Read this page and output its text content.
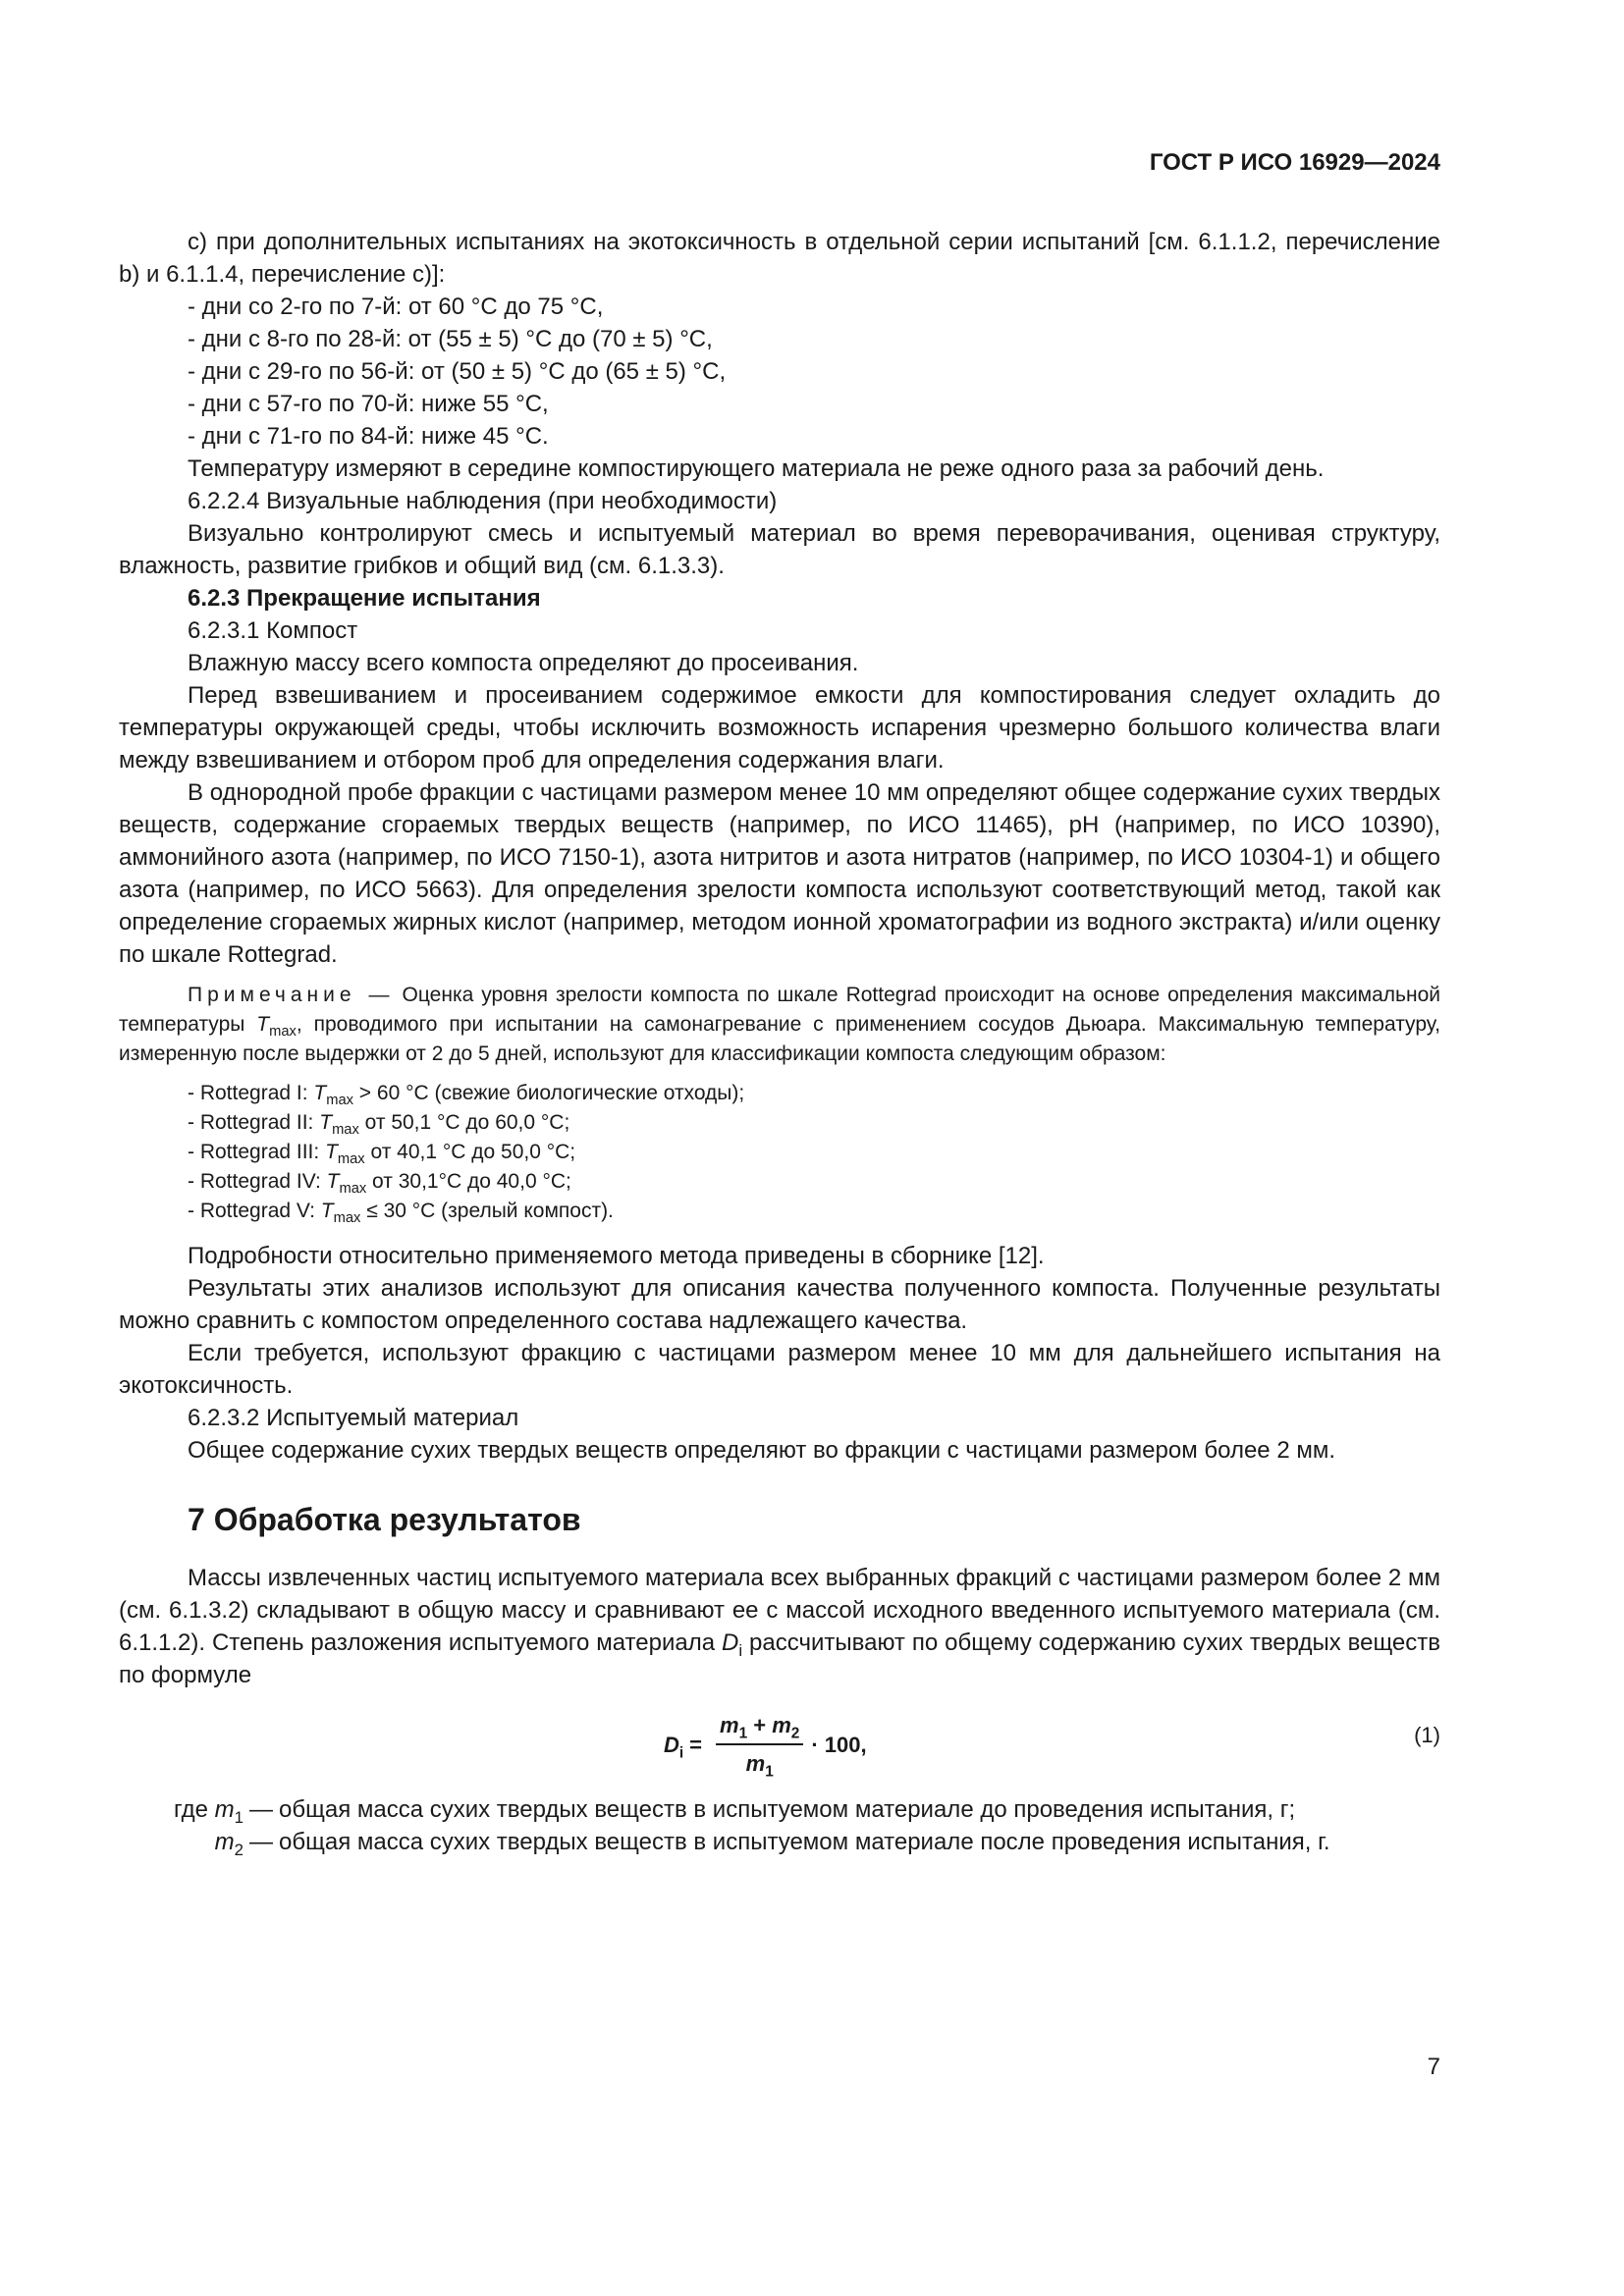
ГОСТ Р ИСО 16929—2024

с) при дополнительных испытаниях на экотоксичность в отдельной серии испытаний [см. 6.1.1.2, перечисление b) и 6.1.1.4, перечисление c)]:

- дни со 2-го по 7-й: от 60 °С до 75 °С,

- дни с 8-го по 28-й: от (55 ± 5) °С до (70 ± 5) °С,

- дни с 29-го по 56-й: от (50 ± 5) °С до (65 ± 5) °С,

- дни с 57-го по 70-й: ниже 55 °С,

- дни с 71-го по 84-й: ниже 45 °С.

Температуру измеряют в середине компостирующего материала не реже одного раза за рабочий день.

6.2.2.4 Визуальные наблюдения (при необходимости)

Визуально контролируют смесь и испытуемый материал во время переворачивания, оценивая структуру, влажность, развитие грибков и общий вид (см. 6.1.3.3).

6.2.3 Прекращение испытания

6.2.3.1 Компост

Влажную массу всего компоста определяют до просеивания.

Перед взвешиванием и просеиванием содержимое емкости для компостирования следует охладить до температуры окружающей среды, чтобы исключить возможность испарения чрезмерно большого количества влаги между взвешиванием и отбором проб для определения содержания влаги.

В однородной пробе фракции с частицами размером менее 10 мм определяют общее содержание сухих твердых веществ, содержание сгораемых твердых веществ (например, по ИСО 11465), рН (например, по ИСО 10390), аммонийного азота (например, по ИСО 7150-1), азота нитритов и азота нитратов (например, по ИСО 10304-1) и общего азота (например, по ИСО 5663). Для определения зрелости компоста используют соответствующий метод, такой как определение сгораемых жирных кислот (например, методом ионной хроматографии из водного экстракта) и/или оценку по шкале Rottegrad.

Примечание — Оценка уровня зрелости компоста по шкале Rottegrad происходит на основе определения максимальной температуры $T_{max}$, проводимого при испытании на самонагревание с применением сосудов Дьюара. Максимальную температуру, измеренную после выдержки от 2 до 5 дней, используют для классификации компоста следующим образом:

- Rottegrad I: $T_{max} > 60$ °C (свежие биологические отходы);
- Rottegrad II: $T_{max}$ от 50,1 °С до 60,0 °С;
- Rottegrad III: $T_{max}$ от 40,1 °С до 50,0 °С;
- Rottegrad IV: $T_{max}$ от 30,1°С до 40,0 °С;
- Rottegrad V: $T_{max} \le 30$ °С (зрелый компост).

Подробности относительно применяемого метода приведены в сборнике [12].

Результаты этих анализов используют для описания качества полученного компоста. Полученные результаты можно сравнить с компостом определенного состава надлежащего качества.

Если требуется, используют фракцию с частицами размером менее 10 мм для дальнейшего испытания на экотоксичность.

6.2.3.2 Испытуемый материал

Общее содержание сухих твердых веществ определяют во фракции с частицами размером более 2 мм.

7 Обработка результатов

Массы извлеченных частиц испытуемого материала всех выбранных фракций с частицами размером более 2 мм (см. 6.1.3.2) складывают в общую массу и сравнивают ее с массой исходного введенного испытуемого материала (см. 6.1.1.2). Степень разложения испытуемого материала $D_i$ рассчитывают по общему содержанию сухих твердых веществ по формуле

$D_i = \frac{m_1 + m_2}{m_1} \cdot 100$,	(1)
где $m_1$ — общая масса сухих твердых веществ в испытуемом материале до проведения испытания, г;
$m_2$ — общая масса сухих твердых веществ в испытуемом материале после проведения испытания, г.
7
